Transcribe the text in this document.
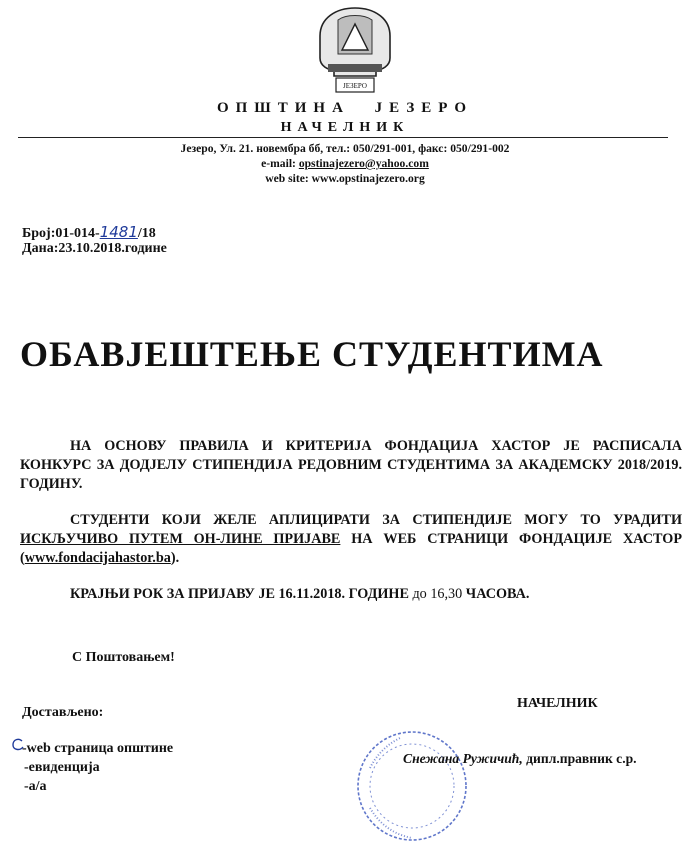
ЈЕЗЕРО
ОПШТИНА ЈЕЗЕРО
НАЧЕЛНИК
Језеро, Ул. 21. новембра бб, тел.: 050/291-001, факс: 050/291-002
e-mail: opstinajezero@yahoo.com
web site: www.opstinajezero.org
Број:01-014-1481/18
Дана:23.10.2018.године
ОБАВЈЕШТЕЊЕ СТУДЕНТИМА
НА ОСНОВУ ПРАВИЛА И КРИТЕРИЈА ФОНДАЦИЈА ХАСТОР ЈЕ РАСПИСАЛА КОНКУРС ЗА ДОДЈЕЛУ СТИПЕНДИЈА РЕДОВНИМ СТУДЕНТИМА ЗА АКАДЕМСКУ 2018/2019. ГОДИНУ.
СТУДЕНТИ КОЈИ ЖЕЛЕ АПЛИЦИРАТИ ЗА СТИПЕНДИЈЕ МОГУ ТО УРАДИТИ ИСКЉУЧИВО ПУТЕМ ОН-ЛИНЕ ПРИЈАВЕ НА WEБ СТРАНИЦИ ФОНДАЦИЈЕ ХАСТОР (www.fondacijahastor.ba).
КРАЈЊИ РОК ЗА ПРИЈАВУ ЈЕ 16.11.2018. ГОДИНЕ до 16,30 ЧАСОВА.
С Поштовањем!
Достављено:
-web страница општине
-евиденција
-а/а
НАЧЕЛНИК
Снежана Ружичић, дипл.правник с.р.
